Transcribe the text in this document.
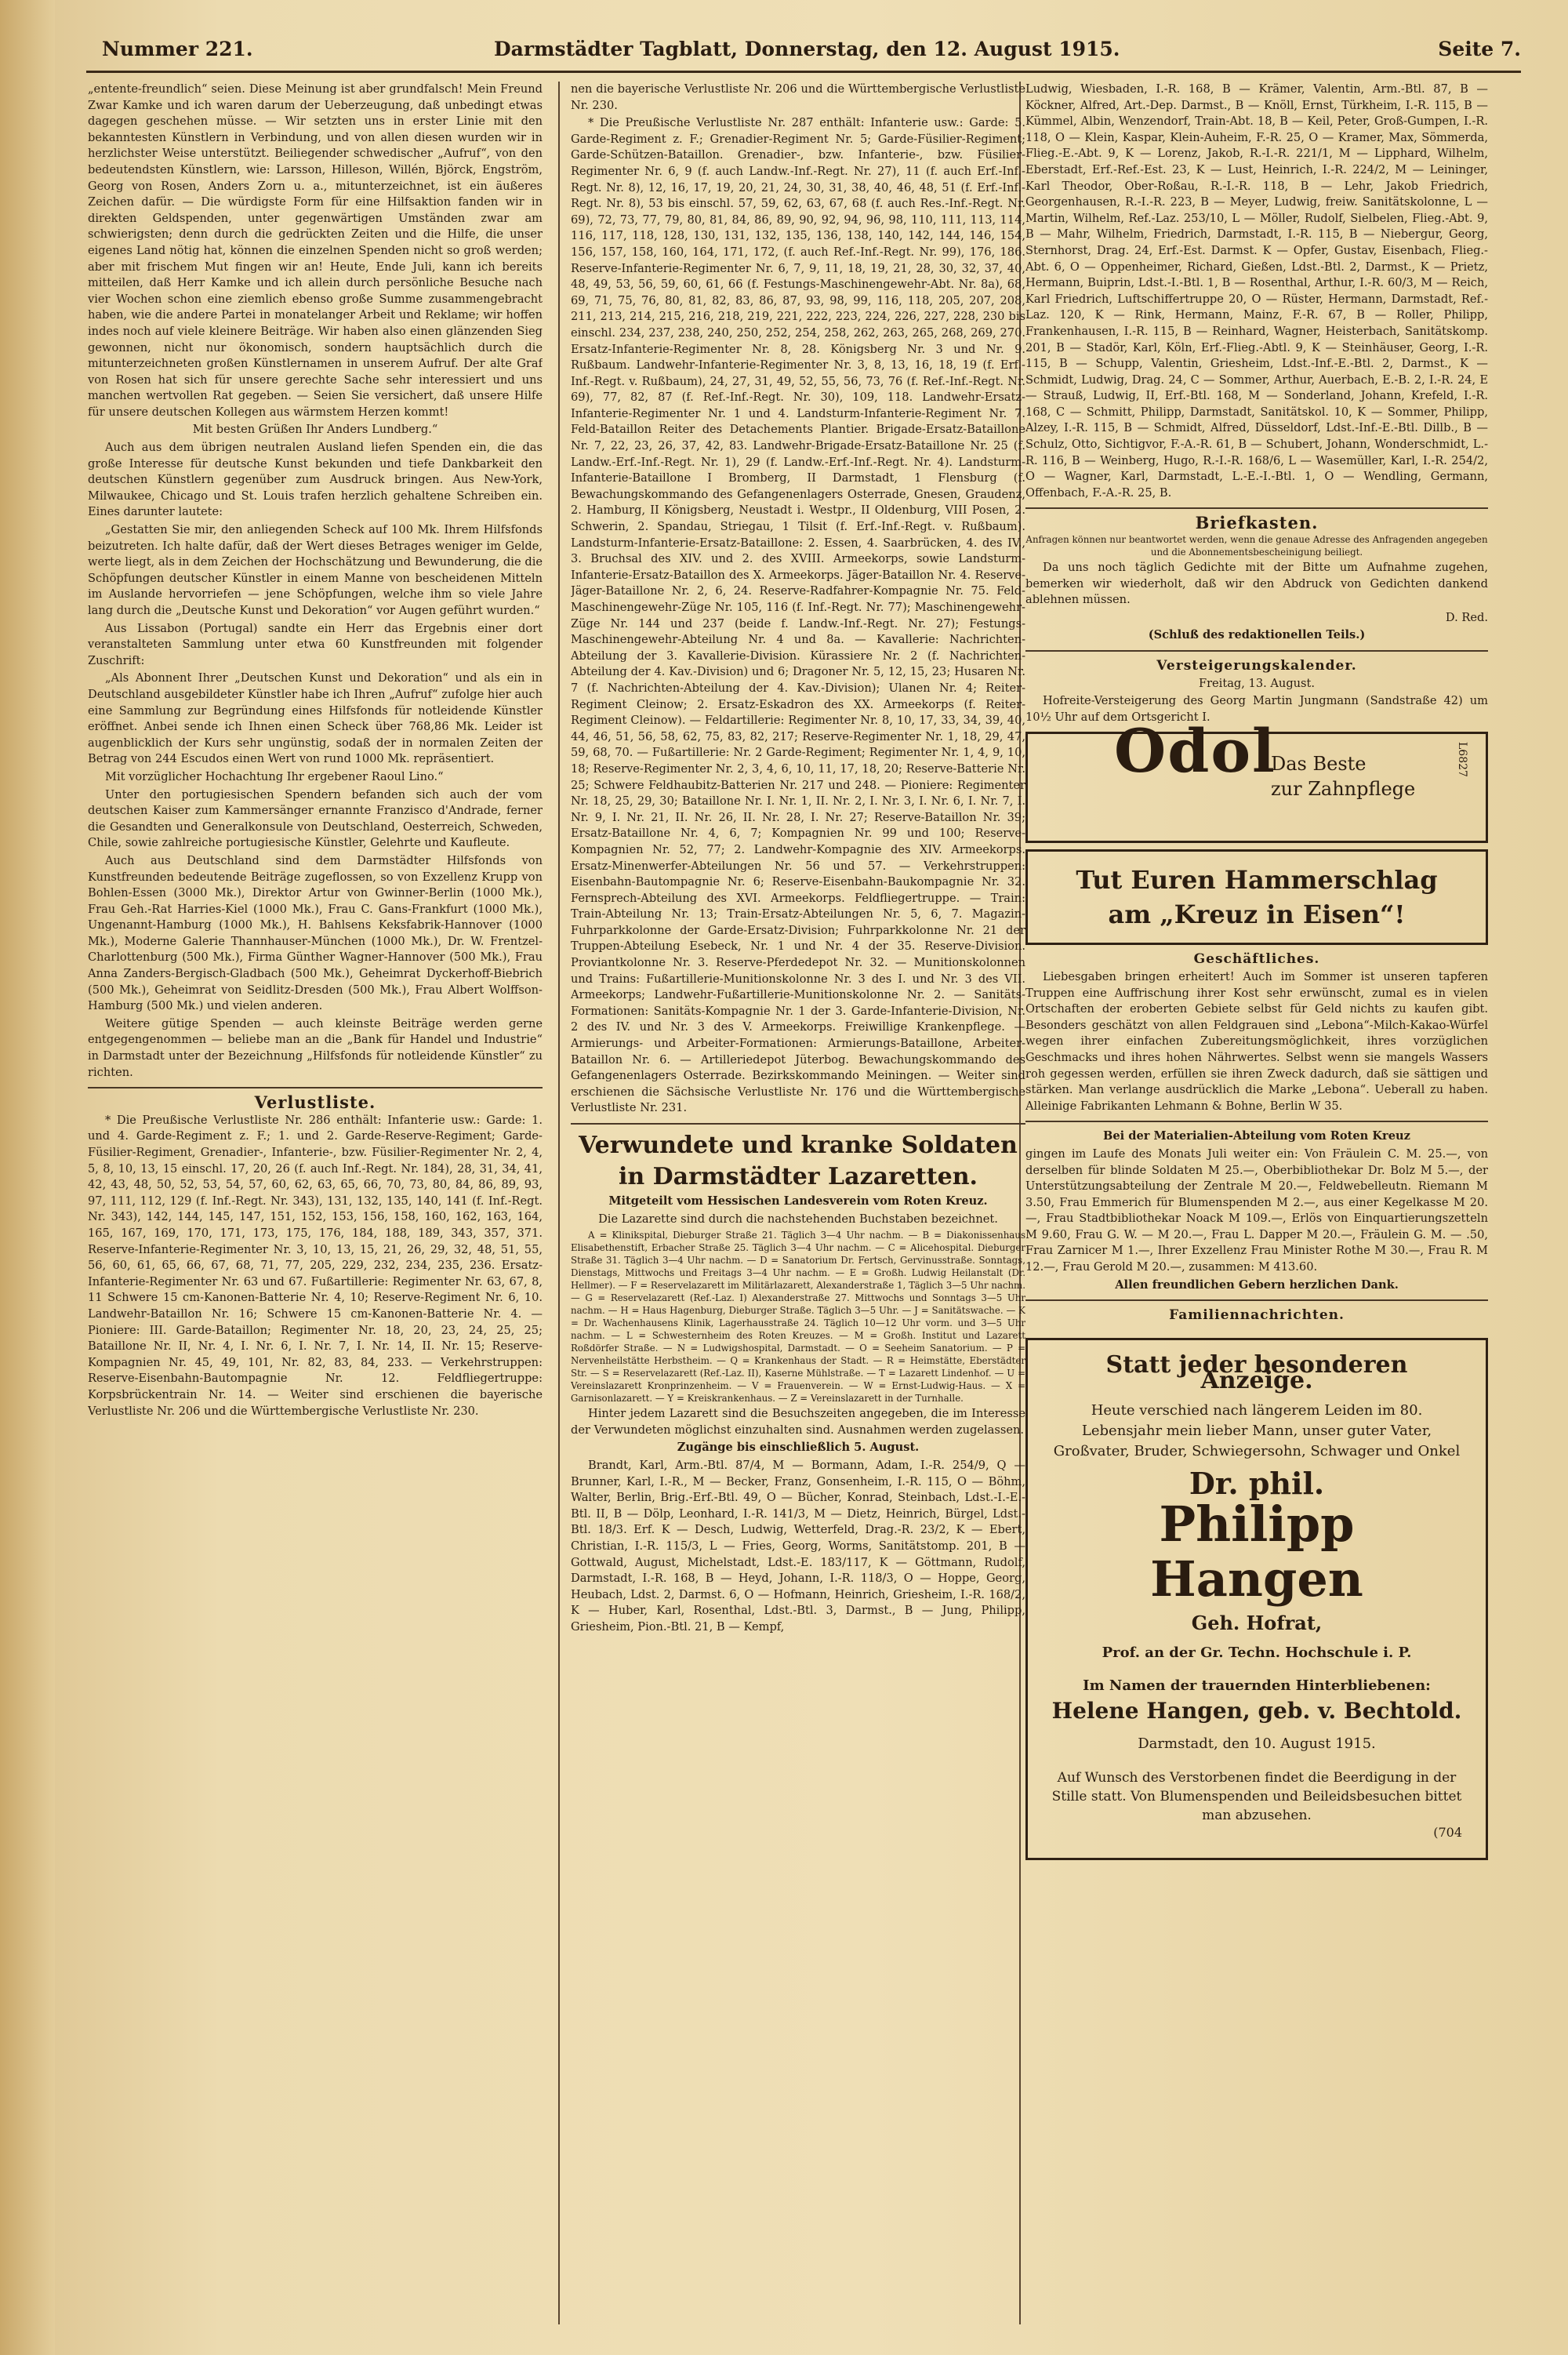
Nummer 221.	Darmstädter Tagblatt, Donnerstag, den 12. August 1915.	Seite 7.

„entente-freundlich“ seien. Diese Meinung ist aber grundfalsch! Mein Freund Zwar Kamke und ich waren darum der Ueberzeugung, daß unbedingt etwas dagegen geschehen müsse. — Wir setzten uns in erster Linie mit den bekanntesten Künstlern in Verbindung, und von allen diesen wurden wir in herzlichster Weise unterstützt. Beiliegender schwedischer „Aufruf“, von den bedeutendsten Künstlern, wie: Larsson, Hilleson, Willén, Björck, Engström, Georg von Rosen, Anders Zorn u. a., mitunterzeichnet, ist ein äußeres Zeichen dafür. — Die würdigste Form für eine Hilfsaktion fanden wir in direkten Geldspenden, unter gegenwärtigen Umständen zwar am schwierigsten; denn durch die gedrückten Zeiten und die Hilfe, die unser eigenes Land nötig hat, können die einzelnen Spenden nicht so groß werden; aber mit frischem Mut fingen wir an! Heute, Ende Juli, kann ich bereits mitteilen, daß Herr Kamke und ich allein durch persönliche Besuche nach vier Wochen schon eine ziemlich ebenso große Summe zusammengebracht haben, wie die andere Partei in monatelanger Arbeit und Reklame; wir hoffen indes noch auf viele kleinere Beiträge. Wir haben also einen glänzenden Sieg gewonnen, nicht nur ökonomisch, sondern hauptsächlich durch die mitunterzeichneten großen Künstlernamen in unserem Aufruf. Der alte Graf von Rosen hat sich für unsere gerechte Sache sehr interessiert und uns manchen wertvollen Rat gegeben. — Seien Sie versichert, daß unsere Hilfe für unsere deutschen Kollegen aus wärmstem Herzen kommt!

Mit besten Grüßen Ihr Anders Lundberg.“

Auch aus dem übrigen neutralen Ausland liefen Spenden ein, die das große Interesse für deutsche Kunst bekunden und tiefe Dankbarkeit den deutschen Künstlern gegenüber zum Ausdruck bringen. Aus New-York, Milwaukee, Chicago und St. Louis trafen herzlich gehaltene Schreiben ein. Eines darunter lautete:

„Gestatten Sie mir, den anliegenden Scheck auf 100 Mk. Ihrem Hilfsfonds beizutreten. Ich halte dafür, daß der Wert dieses Betrages weniger im Gelde, werte liegt, als in dem Zeichen der Hochschätzung und Bewunderung, die die Schöpfungen deutscher Künstler in einem Manne von bescheidenen Mitteln im Auslande hervorriefen — jene Schöpfungen, welche ihm so viele Jahre lang durch die „Deutsche Kunst und Dekoration“ vor Augen geführt wurden.“

Aus Lissabon (Portugal) sandte ein Herr das Ergebnis einer dort veranstalteten Sammlung unter etwa 60 Kunstfreunden mit folgender Zuschrift:

„Als Abonnent Ihrer „Deutschen Kunst und Dekoration“ und als ein in Deutschland ausgebildeter Künstler habe ich Ihren „Aufruf“ zufolge hier auch eine Sammlung zur Begründung eines Hilfsfonds für notleidende Künstler eröffnet. Anbei sende ich Ihnen einen Scheck über 768,86 Mk. Leider ist augenblicklich der Kurs sehr ungünstig, sodaß der in normalen Zeiten der Betrag von 244 Escudos einen Wert von rund 1000 Mk. repräsentiert.

Mit vorzüglicher Hochachtung Ihr ergebener Raoul Lino.“

Unter den portugiesischen Spendern befanden sich auch der vom deutschen Kaiser zum Kammersänger ernannte Franzisco d'Andrade, ferner die Gesandten und Generalkonsule von Deutschland, Oesterreich, Schweden, Chile, sowie zahlreiche portugiesische Künstler, Gelehrte und Kaufleute.

Auch aus Deutschland sind dem Darmstädter Hilfsfonds von Kunstfreunden bedeutende Beiträge zugeflossen, so von Exzellenz Krupp von Bohlen-Essen (3000 Mk.), Direktor Artur von Gwinner-Berlin (1000 Mk.), Frau Geh.-Rat Harries-Kiel (1000 Mk.), Frau C. Gans-Frankfurt (1000 Mk.), Ungenannt-Hamburg (1000 Mk.), H. Bahlsens Keksfabrik-Hannover (1000 Mk.), Moderne Galerie Thannhauser-München (1000 Mk.), Dr. W. Frentzel-Charlottenburg (500 Mk.), Firma Günther Wagner-Hannover (500 Mk.), Frau Anna Zanders-Bergisch-Gladbach (500 Mk.), Geheimrat Dyckerhoff-Biebrich (500 Mk.), Geheimrat von Seidlitz-Dresden (500 Mk.), Frau Albert Wolffson-Hamburg (500 Mk.) und vielen anderen.

Weitere gütige Spenden — auch kleinste Beiträge werden gerne entgegengenommen — beliebe man an die „Bank für Handel und Industrie“ in Darmstadt unter der Bezeichnung „Hilfsfonds für notleidende Künstler“ zu richten.

Verlustliste.

* Die Preußische Verlustliste Nr. 286 enthält: Infanterie usw.: Garde: 1. und 4. Garde-Regiment z. F.; 1. und 2. Garde-Reserve-Regiment; Garde-Füsilier-Regiment, Grenadier-, Infanterie-, bzw. Füsilier-Regimenter Nr. 2, 4, 5, 8, 10, 13, 15 einschl. 17, 20, 26 (f. auch Inf.-Regt. Nr. 184), 28, 31, 34, 41, 42, 43, 48, 50, 52, 53, 54, 57, 60, 62, 63, 65, 66, 70, 73, 80, 84, 86, 89, 93, 97, 111, 112, 129 (f. Inf.-Regt. Nr. 343), 131, 132, 135, 140, 141 (f. Inf.-Regt. Nr. 343), 142, 144, 145, 147, 151, 152, 153, 156, 158, 160, 162, 163, 164, 165, 167, 169, 170, 171, 173, 175, 176, 184, 188, 189, 343, 357, 371. Reserve-Infanterie-Regimenter Nr. 3, 10, 13, 15, 21, 26, 29, 32, 48, 51, 55, 56, 60, 61, 65, 66, 67, 68, 71, 77, 205, 229, 232, 234, 235, 236. Ersatz-Infanterie-Regimenter Nr. 63 und 67. Fußartillerie: Regimenter Nr. 63, 67, 8, 11 Schwere 15 cm-Kanonen-Batterie Nr. 4, 10; Reserve-Regiment Nr. 6, 10. Landwehr-Bataillon Nr. 16; Schwere 15 cm-Kanonen-Batterie Nr. 4. — Pioniere: III. Garde-Bataillon; Regimenter Nr. 18, 20, 23, 24, 25, 25; Bataillone Nr. II, Nr. 4, I. Nr. 6, I. Nr. 7, I. Nr. 14, II. Nr. 15; Reserve-Kompagnien Nr. 45, 49, 101, Nr. 82, 83, 84, 233. — Verkehrstruppen: Reserve-Eisenbahn-Bautompagnie Nr. 12. Feldfliegertruppe: Korpsbrückentrain Nr. 14. — Weiter sind erschienen die bayerische Verlustliste Nr. 206 und die Württembergische Verlustliste Nr. 230.

nen die bayerische Verlustliste Nr. 206 und die Württembergische Verlustliste Nr. 230.

* Die Preußische Verlustliste Nr. 287 enthält: Infanterie usw.: Garde: 5. Garde-Regiment z. F.; Grenadier-Regiment Nr. 5; Garde-Füsilier-Regiment; Garde-Schützen-Bataillon. Grenadier-, bzw. Infanterie-, bzw. Füsilier-Regimenter Nr. 6, 9 (f. auch Landw.-Inf.-Regt. Nr. 27), 11 (f. auch Erf.-Inf.-Regt. Nr. 8), 12, 16, 17, 19, 20, 21, 24, 30, 31, 38, 40, 46, 48, 51 (f. Erf.-Inf.-Regt. Nr. 8), 53 bis einschl. 57, 59, 62, 63, 67, 68 (f. auch Res.-Inf.-Regt. Nr. 69), 72, 73, 77, 79, 80, 81, 84, 86, 89, 90, 92, 94, 96, 98, 110, 111, 113, 114, 116, 117, 118, 128, 130, 131, 132, 135, 136, 138, 140, 142, 144, 146, 154, 156, 157, 158, 160, 164, 171, 172, (f. auch Ref.-Inf.-Regt. Nr. 99), 176, 186. Reserve-Infanterie-Regimenter Nr. 6, 7, 9, 11, 18, 19, 21, 28, 30, 32, 37, 40, 48, 49, 53, 56, 59, 60, 61, 66 (f. Festungs-Maschinengewehr-Abt. Nr. 8a), 68, 69, 71, 75, 76, 80, 81, 82, 83, 86, 87, 93, 98, 99, 116, 118, 205, 207, 208, 211, 213, 214, 215, 216, 218, 219, 221, 222, 223, 224, 226, 227, 228, 230 bis einschl. 234, 237, 238, 240, 250, 252, 254, 258, 262, 263, 265, 268, 269, 270. Ersatz-Infanterie-Regimenter Nr. 8, 28. Königsberg Nr. 3 und Nr. 9. Rußbaum. Landwehr-Infanterie-Regimenter Nr. 3, 8, 13, 16, 18, 19 (f. Erf.-Inf.-Regt. v. Rußbaum), 24, 27, 31, 49, 52, 55, 56, 73, 76 (f. Ref.-Inf.-Regt. Nr. 69), 77, 82, 87 (f. Ref.-Inf.-Regt. Nr. 30), 109, 118. Landwehr-Ersatz-Infanterie-Regimenter Nr. 1 und 4. Landsturm-Infanterie-Regiment Nr. 7. Feld-Bataillon Reiter des Detachements Plantier. Brigade-Ersatz-Bataillone Nr. 7, 22, 23, 26, 37, 42, 83. Landwehr-Brigade-Ersatz-Bataillone Nr. 25 (f. Landw.-Erf.-Inf.-Regt. Nr. 1), 29 (f. Landw.-Erf.-Inf.-Regt. Nr. 4). Landsturm-Infanterie-Bataillone I Bromberg, II Darmstadt, 1 Flensburg (f. Bewachungskommando des Gefangenenlagers Osterrade, Gnesen, Graudenz, 2. Hamburg, II Königsberg, Neustadt i. Westpr., II Oldenburg, VIII Posen, 2. Schwerin, 2. Spandau, Striegau, 1 Tilsit (f. Erf.-Inf.-Regt. v. Rußbaum). Landsturm-Infanterie-Ersatz-Bataillone: 2. Essen, 4. Saarbrücken, 4. des IV., 3. Bruchsal des XIV. und 2. des XVIII. Armeekorps, sowie Landsturm-Infanterie-Ersatz-Bataillon des X. Armeekorps. Jäger-Bataillon Nr. 4. Reserve-Jäger-Bataillone Nr. 2, 6, 24. Reserve-Radfahrer-Kompagnie Nr. 75. Feld-Maschinengewehr-Züge Nr. 105, 116 (f. Inf.-Regt. Nr. 77); Maschinengewehr-Züge Nr. 144 und 237 (beide f. Landw.-Inf.-Regt. Nr. 27); Festungs-Maschinengewehr-Abteilung Nr. 4 und 8a. — Kavallerie: Nachrichten-Abteilung der 3. Kavallerie-Division. Kürassiere Nr. 2 (f. Nachrichten-Abteilung der 4. Kav.-Division) und 6; Dragoner Nr. 5, 12, 15, 23; Husaren Nr. 7 (f. Nachrichten-Abteilung der 4. Kav.-Division); Ulanen Nr. 4; Reiter-Regiment Cleinow; 2. Ersatz-Eskadron des XX. Armeekorps (f. Reiter-Regiment Cleinow). — Feldartillerie: Regimenter Nr. 8, 10, 17, 33, 34, 39, 40, 44, 46, 51, 56, 58, 62, 75, 83, 82, 217; Reserve-Regimenter Nr. 1, 18, 29, 47, 59, 68, 70. — Fußartillerie: Nr. 2 Garde-Regiment; Regimenter Nr. 1, 4, 9, 10, 18; Reserve-Regimenter Nr. 2, 3, 4, 6, 10, 11, 17, 18, 20; Reserve-Batterie Nr. 25; Schwere Feldhaubitz-Batterien Nr. 217 und 248. — Pioniere: Regimenter Nr. 18, 25, 29, 30; Bataillone Nr. I. Nr. 1, II. Nr. 2, I. Nr. 3, I. Nr. 6, I. Nr. 7, I. Nr. 9, I. Nr. 21, II. Nr. 26, II. Nr. 28, I. Nr. 27; Reserve-Bataillon Nr. 39; Ersatz-Bataillone Nr. 4, 6, 7; Kompagnien Nr. 99 und 100; Reserve-Kompagnien Nr. 52, 77; 2. Landwehr-Kompagnie des XIV. Armeekorps. Ersatz-Minenwerfer-Abteilungen Nr. 56 und 57. — Verkehrstruppen: Eisenbahn-Bautompagnie Nr. 6; Reserve-Eisenbahn-Baukompagnie Nr. 32. Fernsprech-Abteilung des XVI. Armeekorps. Feldfliegertruppe. — Train: Train-Abteilung Nr. 13; Train-Ersatz-Abteilungen Nr. 5, 6, 7. Magazin-Fuhrparkkolonne der Garde-Ersatz-Division; Fuhrparkkolonne Nr. 21 der Truppen-Abteilung Esebeck, Nr. 1 und Nr. 4 der 35. Reserve-Division. Proviantkolonne Nr. 3. Reserve-Pferdedepot Nr. 32. — Munitionskolonnen und Trains: Fußartillerie-Munitionskolonne Nr. 3 des I. und Nr. 3 des VII. Armeekorps; Landwehr-Fußartillerie-Munitionskolonne Nr. 2. — Sanitäts-Formationen: Sanitäts-Kompagnie Nr. 1 der 3. Garde-Infanterie-Division, Nr. 2 des IV. und Nr. 3 des V. Armeekorps. Freiwillige Krankenpflege. — Armierungs- und Arbeiter-Formationen: Armierungs-Bataillone, Arbeiter-Bataillon Nr. 6. — Artilleriedepot Jüterbog. Bewachungskommando des Gefangenenlagers Osterrade. Bezirkskommando Meiningen. — Weiter sind erschienen die Sächsische Verlustliste Nr. 176 und die Württembergische Verlustliste Nr. 231.

Verwundete und kranke Soldaten

in Darmstädter Lazaretten.

Mitgeteilt vom Hessischen Landesverein vom Roten Kreuz.

Die Lazarette sind durch die nachstehenden Buchstaben bezeichnet.

A = Klinikspital, Dieburger Straße 21. Täglich 3—4 Uhr nachm. — B = Diakonissenhaus Elisabethenstift, Erbacher Straße 25. Täglich 3—4 Uhr nachm. — C = Alicehospital. Dieburger Straße 31. Täglich 3—4 Uhr nachm. — D = Sanatorium Dr. Fertsch, Gervinusstraße. Sonntags, Dienstags, Mittwochs und Freitags 3—4 Uhr nachm. — E = Großh. Ludwig Heilanstalt (Dr. Hellmer). — F = Reservelazarett im Militärlazarett, Alexanderstraße 1, Täglich 3—5 Uhr nachm. — G = Reservelazarett (Ref.-Laz. I) Alexanderstraße 27. Mittwochs und Sonntags 3—5 Uhr nachm. — H = Haus Hagenburg, Dieburger Straße. Täglich 3—5 Uhr. — J = Sanitätswache. — K = Dr. Wachenhausens Klinik, Lagerhausstraße 24. Täglich 10—12 Uhr vorm. und 3—5 Uhr nachm. — L = Schwesternheim des Roten Kreuzes. — M = Großh. Institut und Lazarett Roßdörfer Straße. — N = Ludwigshospital, Darmstadt. — O = Seeheim Sanatorium. — P = Nervenheilstätte Herbstheim. — Q = Krankenhaus der Stadt. — R = Heimstätte, Eberstädter Str. — S = Reservelazarett (Ref.-Laz. II), Kaserne Mühlstraße. — T = Lazarett Lindenhof. — U = Vereinslazarett Kronprinzenheim. — V = Frauenverein. — W = Ernst-Ludwig-Haus. — X = Garnisonlazarett. — Y = Kreiskrankenhaus. — Z = Vereinslazarett in der Turnhalle.

Hinter jedem Lazarett sind die Besuchszeiten angegeben, die im Interesse der Verwundeten möglichst einzuhalten sind. Ausnahmen werden zugelassen.

Zugänge bis einschließlich 5. August.

Brandt, Karl, Arm.-Btl. 87/4, M — Bormann, Adam, I.-R. 254/9, Q — Brunner, Karl, I.-R., M — Becker, Franz, Gonsenheim, I.-R. 115, O — Böhm, Walter, Berlin, Brig.-Erf.-Btl. 49, O — Bücher, Konrad, Steinbach, Ldst.-I.-E.-Btl. II, B — Dölp, Leonhard, I.-R. 141/3, M — Dietz, Heinrich, Bürgel, Ldst.-Btl. 18/3. Erf. K — Desch, Ludwig, Wetterfeld, Drag.-R. 23/2, K — Ebert, Christian, I.-R. 115/3, L — Fries, Georg, Worms, Sanitätstomp. 201, B — Gottwald, August, Michelstadt, Ldst.-E. 183/117, K — Göttmann, Rudolf, Darmstadt, I.-R. 168, B — Heyd, Johann, I.-R. 118/3, O — Hoppe, Georg, Heubach, Ldst. 2, Darmst. 6, O — Hofmann, Heinrich, Griesheim, I.-R. 168/2, K — Huber, Karl, Rosenthal, Ldst.-Btl. 3, Darmst., B — Jung, Philipp, Griesheim, Pion.-Btl. 21, B — Kempf,

Ludwig, Wiesbaden, I.-R. 168, B — Krämer, Valentin, Arm.-Btl. 87, B — Köckner, Alfred, Art.-Dep. Darmst., B — Knöll, Ernst, Türkheim, I.-R. 115, B — Kümmel, Albin, Wenzendorf, Train-Abt. 18, B — Keil, Peter, Groß-Gumpen, I.-R. 118, O — Klein, Kaspar, Klein-Auheim, F.-R. 25, O — Kramer, Max, Sömmerda, Flieg.-E.-Abt. 9, K — Lorenz, Jakob, R.-I.-R. 221/1, M — Lipphard, Wilhelm, Eberstadt, Erf.-Ref.-Est. 23, K — Lust, Heinrich, I.-R. 224/2, M — Leininger, Karl Theodor, Ober-Roßau, R.-I.-R. 118, B — Lehr, Jakob Friedrich, Georgenhausen, R.-I.-R. 223, B — Meyer, Ludwig, freiw. Sanitätskolonne, L — Martin, Wilhelm, Ref.-Laz. 253/10, L — Möller, Rudolf, Sielbelen, Flieg.-Abt. 9, B — Mahr, Wilhelm, Friedrich, Darmstadt, I.-R. 115, B — Niebergur, Georg, Sternhorst, Drag. 24, Erf.-Est. Darmst. K — Opfer, Gustav, Eisenbach, Flieg.-Abt. 6, O — Oppenheimer, Richard, Gießen, Ldst.-Btl. 2, Darmst., K — Prietz, Hermann, Buiprin, Ldst.-I.-Btl. 1, B — Rosenthal, Arthur, I.-R. 60/3, M — Reich, Karl Friedrich, Luftschiffertruppe 20, O — Rüster, Hermann, Darmstadt, Ref.-Laz. 120, K — Rink, Hermann, Mainz, F.-R. 67, B — Roller, Philipp, Frankenhausen, I.-R. 115, B — Reinhard, Wagner, Heisterbach, Sanitätskomp. 201, B — Stadör, Karl, Köln, Erf.-Flieg.-Abtl. 9, K — Steinhäuser, Georg, I.-R. 115, B — Schupp, Valentin, Griesheim, Ldst.-Inf.-E.-Btl. 2, Darmst., K — Schmidt, Ludwig, Drag. 24, C — Sommer, Arthur, Auerbach, E.-B. 2, I.-R. 24, E — Strauß, Ludwig, II, Erf.-Btl. 168, M — Sonderland, Johann, Krefeld, I.-R. 168, C — Schmitt, Philipp, Darmstadt, Sanitätskol. 10, K — Sommer, Philipp, Alzey, I.-R. 115, B — Schmidt, Alfred, Düsseldorf, Ldst.-Inf.-E.-Btl. Dillb., B — Schulz, Otto, Sichtigvor, F.-A.-R. 61, B — Schubert, Johann, Wonderschmidt, L.-R. 116, B — Weinberg, Hugo, R.-I.-R. 168/6, L — Wasemüller, Karl, I.-R. 254/2, O — Wagner, Karl, Darmstadt, L.-E.-I.-Btl. 1, O — Wendling, Germann, Offenbach, F.-A.-R. 25, B.

Briefkasten.

Anfragen können nur beantwortet werden, wenn die genaue Adresse des Anfragenden angegeben und die Abonnementsbescheinigung beiliegt.

Da uns noch täglich Gedichte mit der Bitte um Aufnahme zugehen, bemerken wir wiederholt, daß wir den Abdruck von Gedichten dankend ablehnen müssen.

D. Red.

(Schluß des redaktionellen Teils.)

Versteigerungskalender.

Freitag, 13. August.

Hofreite-Versteigerung des Georg Martin Jungmann (Sandstraße 42) um 10½ Uhr auf dem Ortsgericht I.

Odol
Das Beste
zur Zahnpflege
L6827
Tut Euren Hammerschlag
am „Kreuz in Eisen“!

Geschäftliches.

Liebesgaben bringen erheitert! Auch im Sommer ist unseren tapferen Truppen eine Auffrischung ihrer Kost sehr erwünscht, zumal es in vielen Ortschaften der eroberten Gebiete selbst für Geld nichts zu kaufen gibt. Besonders geschätzt von allen Feldgrauen sind „Lebona“-Milch-Kakao-Würfel wegen ihrer einfachen Zubereitungsmöglichkeit, ihres vorzüglichen Geschmacks und ihres hohen Nährwertes. Selbst wenn sie mangels Wassers roh gegessen werden, erfüllen sie ihren Zweck dadurch, daß sie sättigen und stärken. Man verlange ausdrücklich die Marke „Lebona“. Ueberall zu haben. Alleinige Fabrikanten Lehmann & Bohne, Berlin W 35.

Bei der Materialien-Abteilung vom Roten Kreuz

gingen im Laufe des Monats Juli weiter ein: Von Fräulein C. M. 25.—, von derselben für blinde Soldaten M 25.—, Oberbibliothekar Dr. Bolz M 5.—, der Unterstützungsabteilung der Zentrale M 20.—, Feldwebelleutn. Riemann M 3.50, Frau Emmerich für Blumenspenden M 2.—, aus einer Kegelkasse M 20.—, Frau Stadtbibliothekar Noack M 109.—, Erlös von Einquartierungszetteln M 9.60, Frau G. W. — M 20.—, Frau L. Dapper M 20.—, Fräulein G. M. — .50, Frau Zarnicer M 1.—, Ihrer Exzellenz Frau Minister Rothe M 30.—, Frau R. M 12.—, Frau Gerold M 20.—, zusammen: M 413.60.

Allen freundlichen Gebern herzlichen Dank.

Familiennachrichten.

Statt jeder besonderen Anzeige.
Heute verschied nach längerem Leiden im 80. Lebensjahr mein lieber Mann, unser guter Vater, Großvater, Bruder, Schwiegersohn, Schwager und Onkel
Dr. phil.
Philipp Hangen
Geh. Hofrat,
Prof. an der Gr. Techn. Hochschule i. P.
Im Namen der trauernden Hinterbliebenen:
Helene Hangen, geb. v. Bechtold.
Darmstadt, den 10. August 1915.
Auf Wunsch des Verstorbenen findet die Beerdigung in der Stille statt. Von Blumenspenden und Beileidsbesuchen bittet man abzusehen.
(704
